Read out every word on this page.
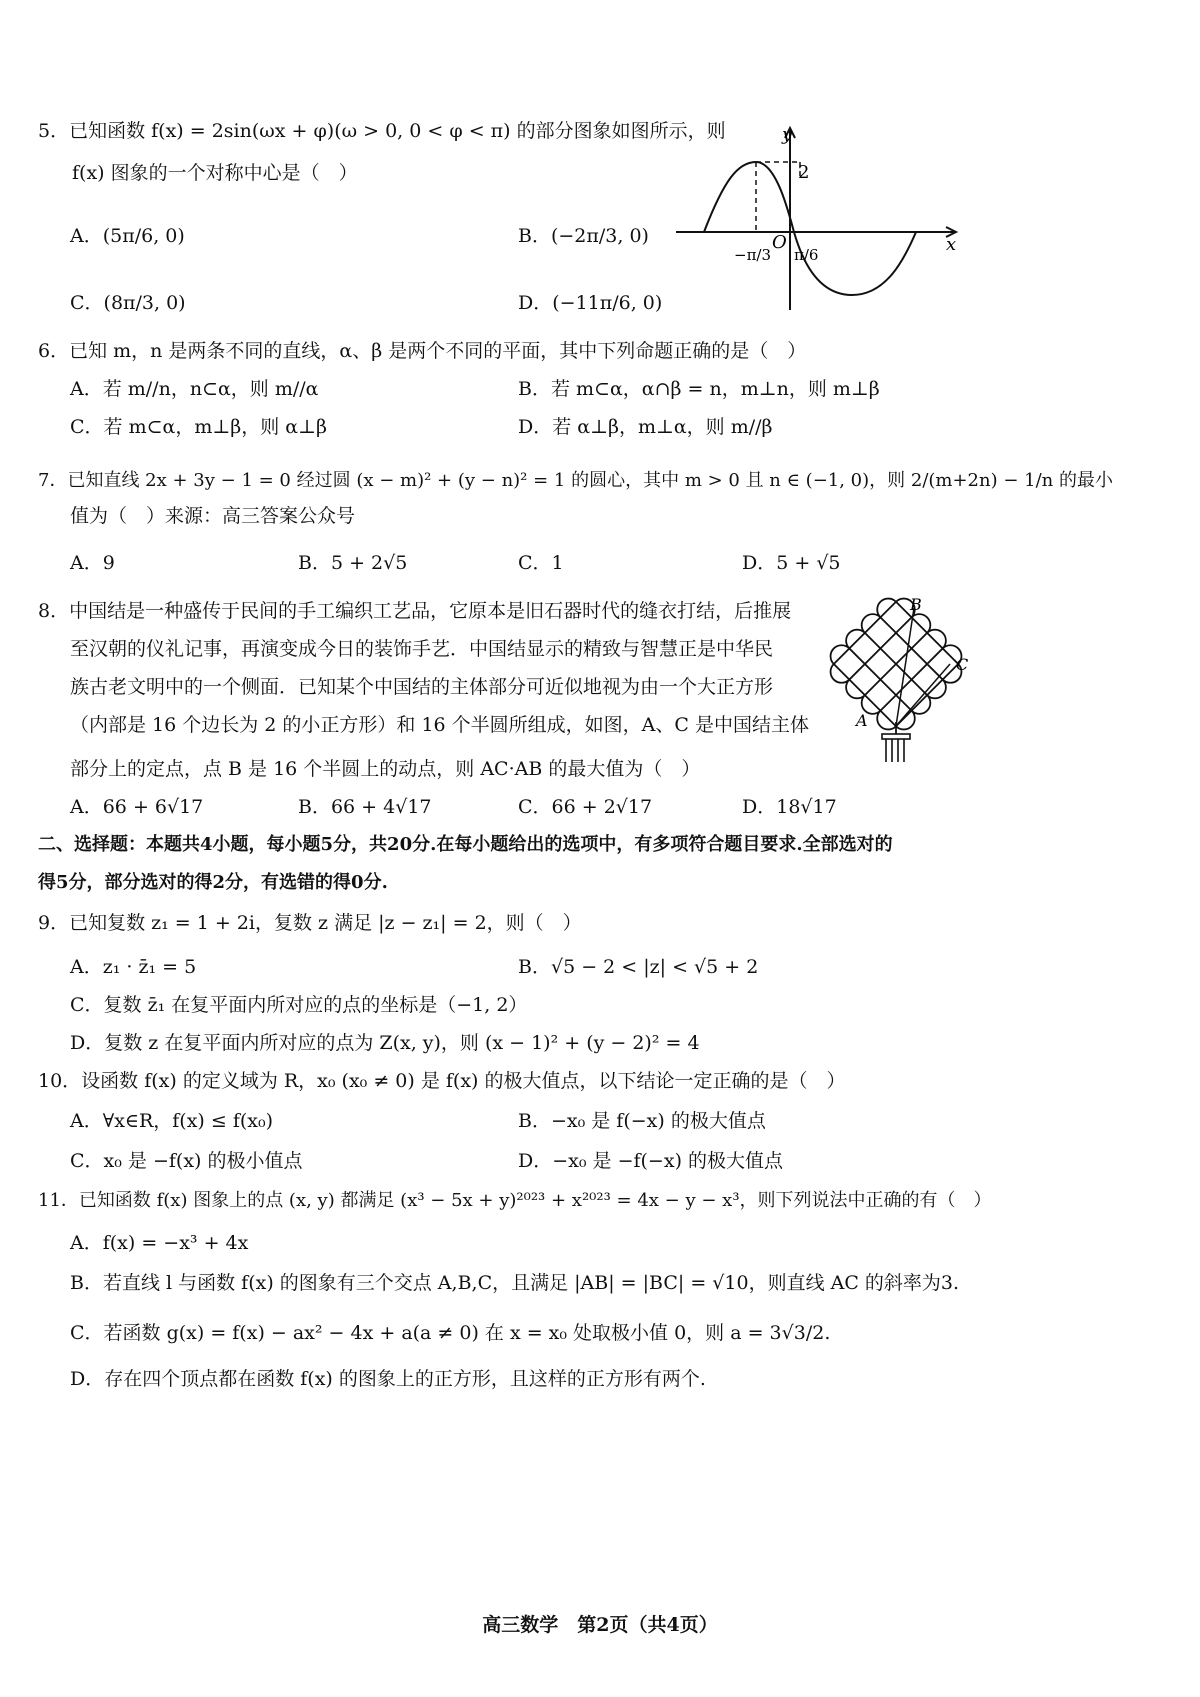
5．已知函数 f(x) = 2sin(ωx + φ)(ω > 0, 0 < φ < π) 的部分图象如图所示，则
f(x) 图象的一个对称中心是（　）
A．(5π/6, 0)	B．(−2π/3, 0)
C．(8π/3, 0)	D．(−11π/6, 0)
y
x
O
2
−π/3 π/6
6．已知 m，n 是两条不同的直线，α、β 是两个不同的平面，其中下列命题正确的是（　）
A．若 m//n，n⊂α，则 m//α	B．若 m⊂α，α∩β = n，m⊥n，则 m⊥β
C．若 m⊂α，m⊥β，则 α⊥β	D．若 α⊥β，m⊥α，则 m//β
7．已知直线 2x + 3y − 1 = 0 经过圆 (x − m)² + (y − n)² = 1 的圆心，其中 m > 0 且 n ∈ (−1, 0)，则 2/(m+2n) − 1/n 的最小
值为（　）来源：高三答案公众号
A．9	B．5 + 2√5	C．1	D．5 + √5
8．中国结是一种盛传于民间的手工编织工艺品，它原本是旧石器时代的缝衣打结，后推展
至汉朝的仪礼记事，再演变成今日的装饰手艺．中国结显示的精致与智慧正是中华民
族古老文明中的一个侧面．已知某个中国结的主体部分可近似地视为由一个大正方形
（内部是 16 个边长为 2 的小正方形）和 16 个半圆所组成，如图，A、C 是中国结主体
部分上的定点，点 B 是 16 个半圆上的动点，则 AC·AB 的最大值为（　）
A．66 + 6√17	B．66 + 4√17	C．66 + 2√17	D．18√17
B
C
A
二、选择题：本题共4小题，每小题5分，共20分.在每小题给出的选项中，有多项符合题目要求.全部选对的
得5分，部分选对的得2分，有选错的得0分.
9．已知复数 z₁ = 1 + 2i，复数 z 满足 |z − z₁| = 2，则（　）
A．z₁ · z̄₁ = 5	B．√5 − 2 < |z| < √5 + 2
C．复数 z̄₁ 在复平面内所对应的点的坐标是（−1, 2）
D．复数 z 在复平面内所对应的点为 Z(x, y)，则 (x − 1)² + (y − 2)² = 4
10．设函数 f(x) 的定义域为 R，x₀ (x₀ ≠ 0) 是 f(x) 的极大值点，以下结论一定正确的是（　）
A．∀x∈R，f(x) ≤ f(x₀)	B．−x₀ 是 f(−x) 的极大值点
C．x₀ 是 −f(x) 的极小值点	D．−x₀ 是 −f(−x) 的极大值点
11．已知函数 f(x) 图象上的点 (x, y) 都满足 (x³ − 5x + y)²⁰²³ + x²⁰²³ = 4x − y − x³，则下列说法中正确的有（　）
A．f(x) = −x³ + 4x
B．若直线 l 与函数 f(x) 的图象有三个交点 A,B,C，且满足 |AB| = |BC| = √10，则直线 AC 的斜率为3.
C．若函数 g(x) = f(x) − ax² − 4x + a(a ≠ 0) 在 x = x₀ 处取极小值 0，则 a = 3√3/2.
D．存在四个顶点都在函数 f(x) 的图象上的正方形，且这样的正方形有两个.
高三数学　第2页（共4页）
